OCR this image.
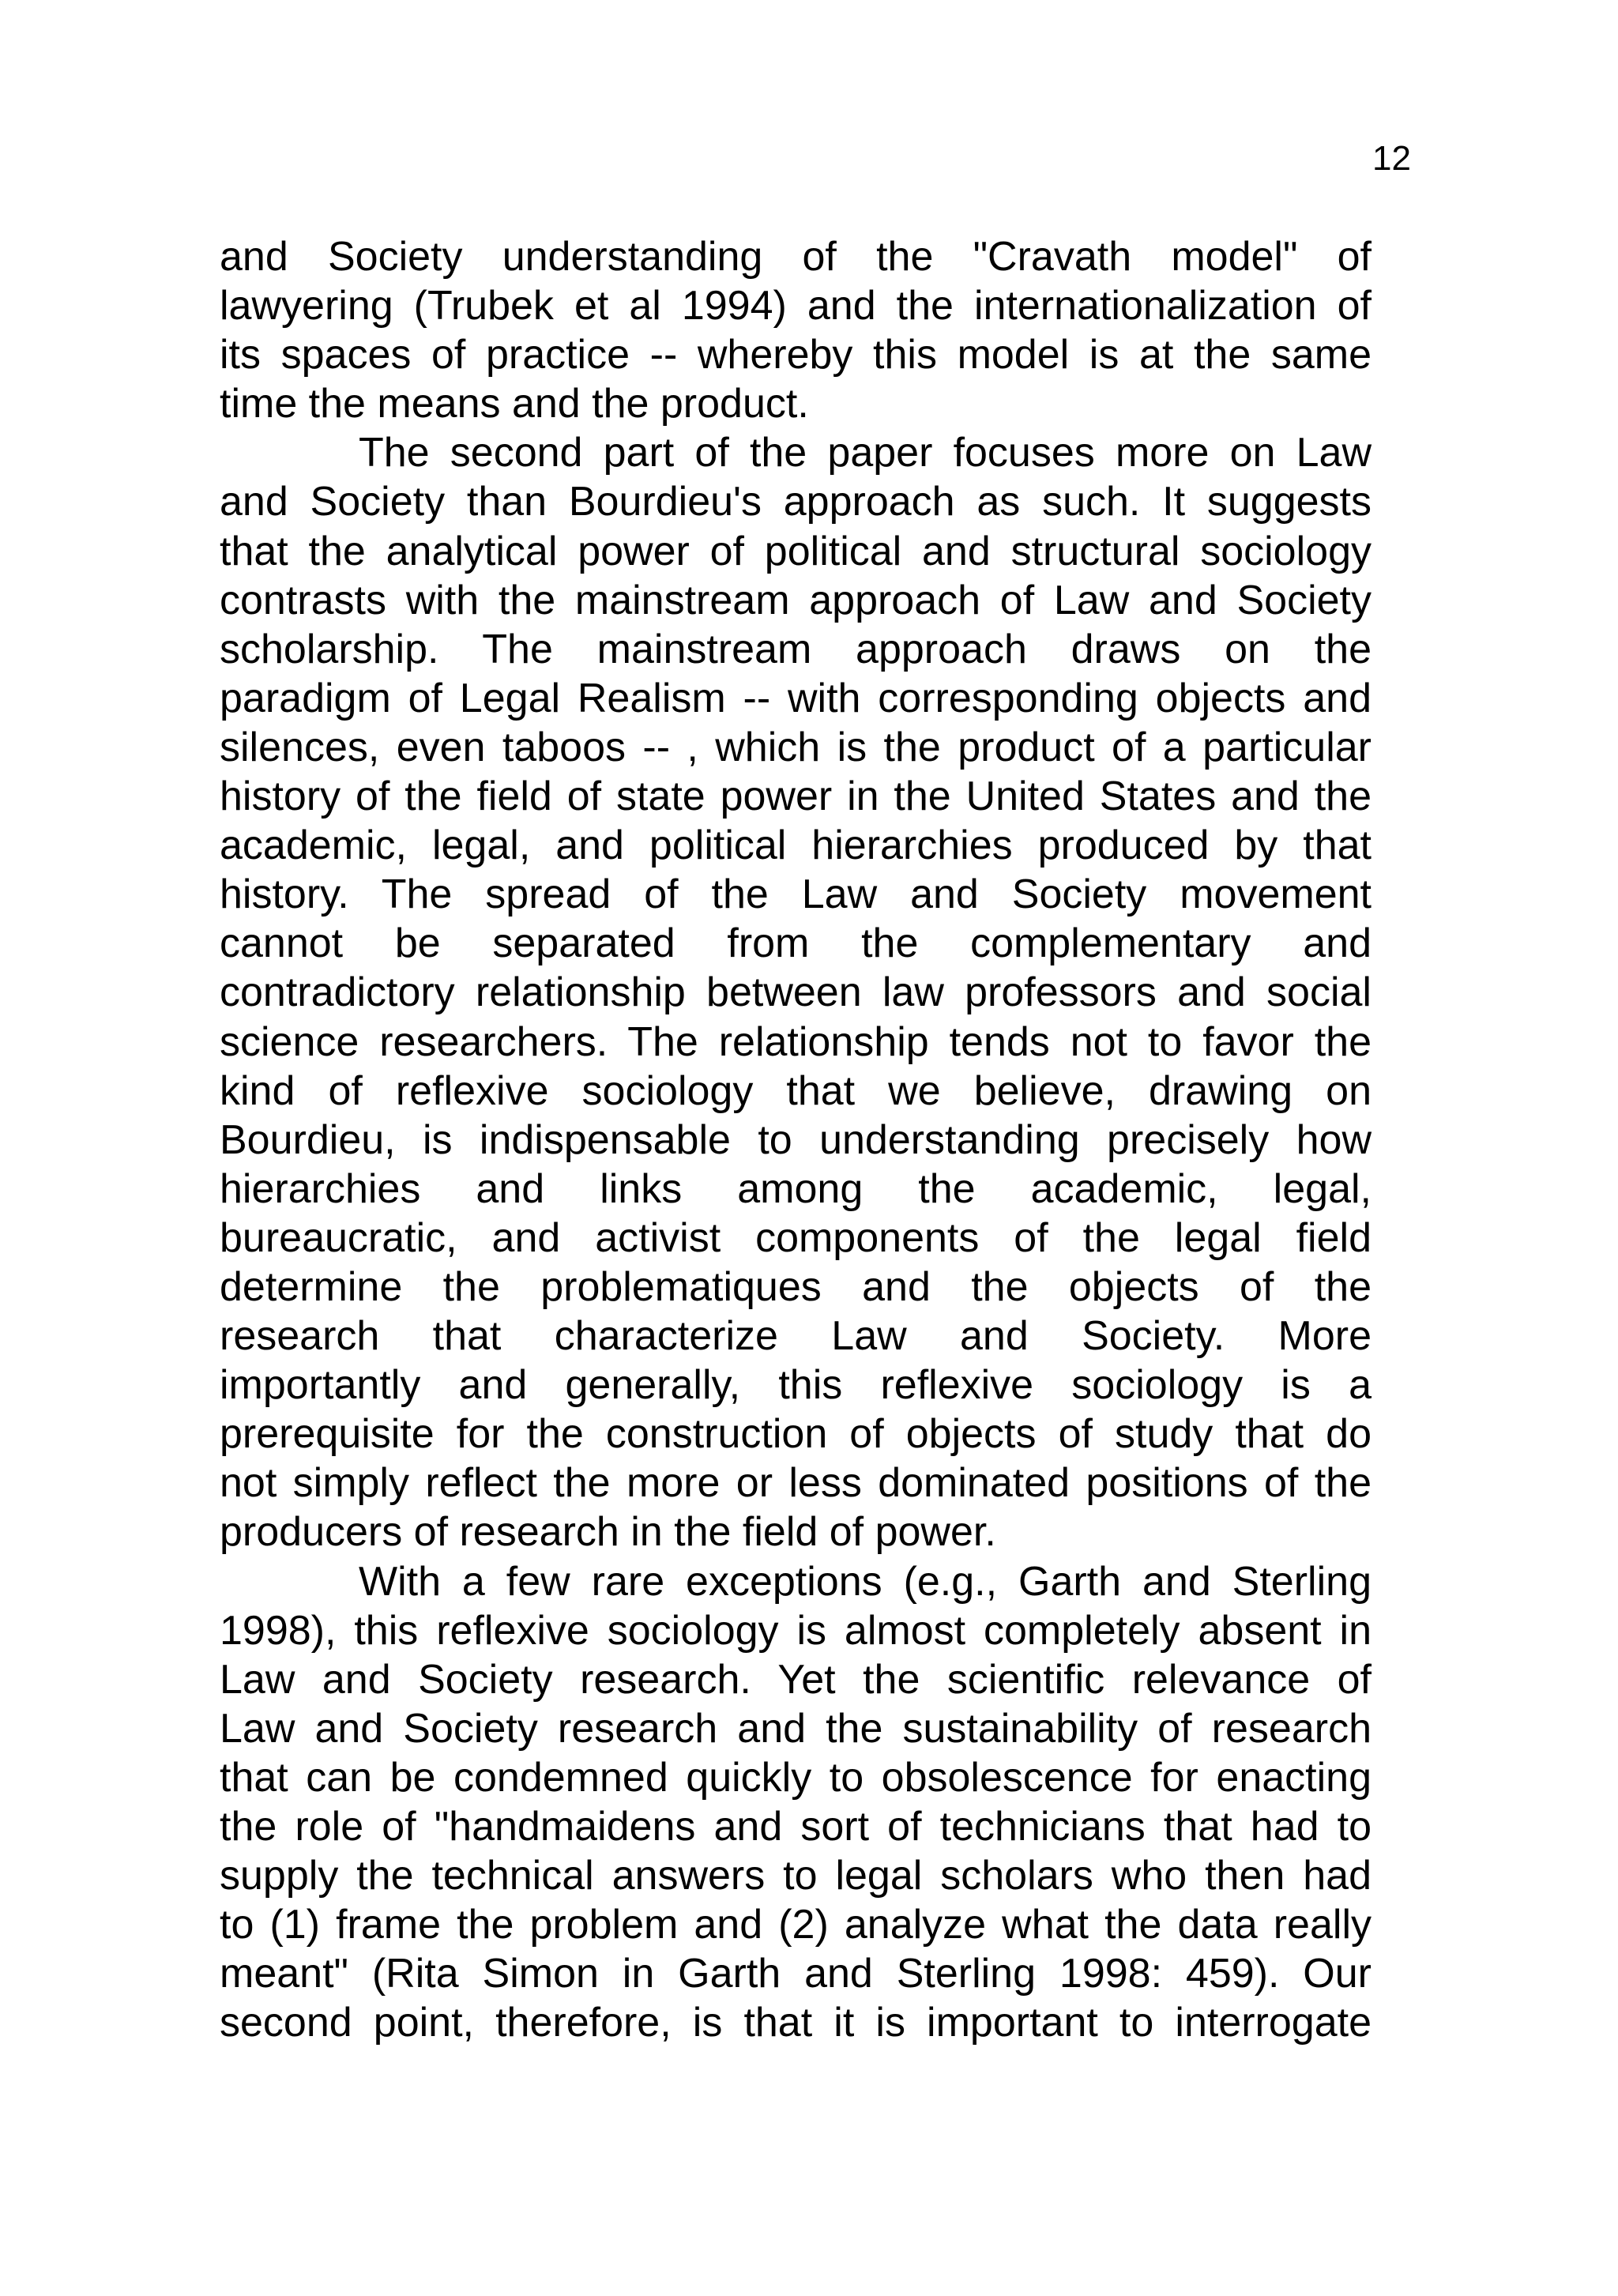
12
and Society understanding of the "Cravath model" of
lawyering (Trubek et al 1994) and the internationalization of
its spaces of practice -- whereby this model is at the same
time the means and the product.
The second part of the paper focuses more on Law
and Society than Bourdieu's approach as such. It suggests
that the analytical power of political and structural sociology
contrasts with the mainstream approach of Law and Society
scholarship. The mainstream approach draws on the
paradigm of Legal Realism -- with corresponding objects and
silences, even taboos -- , which is the product of a particular
history of the field of state power in the United States and the
academic, legal, and political hierarchies produced by that
history. The spread of the Law and Society movement
cannot be separated from the complementary and
contradictory relationship between law professors and social
science researchers. The relationship tends not to favor the
kind of reflexive sociology that we believe, drawing on
Bourdieu, is indispensable to understanding precisely how
hierarchies and links among the academic, legal,
bureaucratic, and activist components of the legal field
determine the problematiques and the objects of the
research that characterize Law and Society. More
importantly and generally, this reflexive sociology is a
prerequisite for the construction of objects of study that do
not simply reflect the more or less dominated positions of the
producers of research in the field of power.
With a few rare exceptions (e.g., Garth and Sterling
1998), this reflexive sociology is almost completely absent in
Law and Society research. Yet the scientific relevance of
Law and Society research and the sustainability of research
that can be condemned quickly to obsolescence for enacting
the role of "handmaidens and sort of technicians that had to
supply the technical answers to legal scholars who then had
to (1) frame the problem and (2) analyze what the data really
meant" (Rita Simon in Garth and Sterling 1998: 459). Our
second point, therefore, is that it is important to interrogate
